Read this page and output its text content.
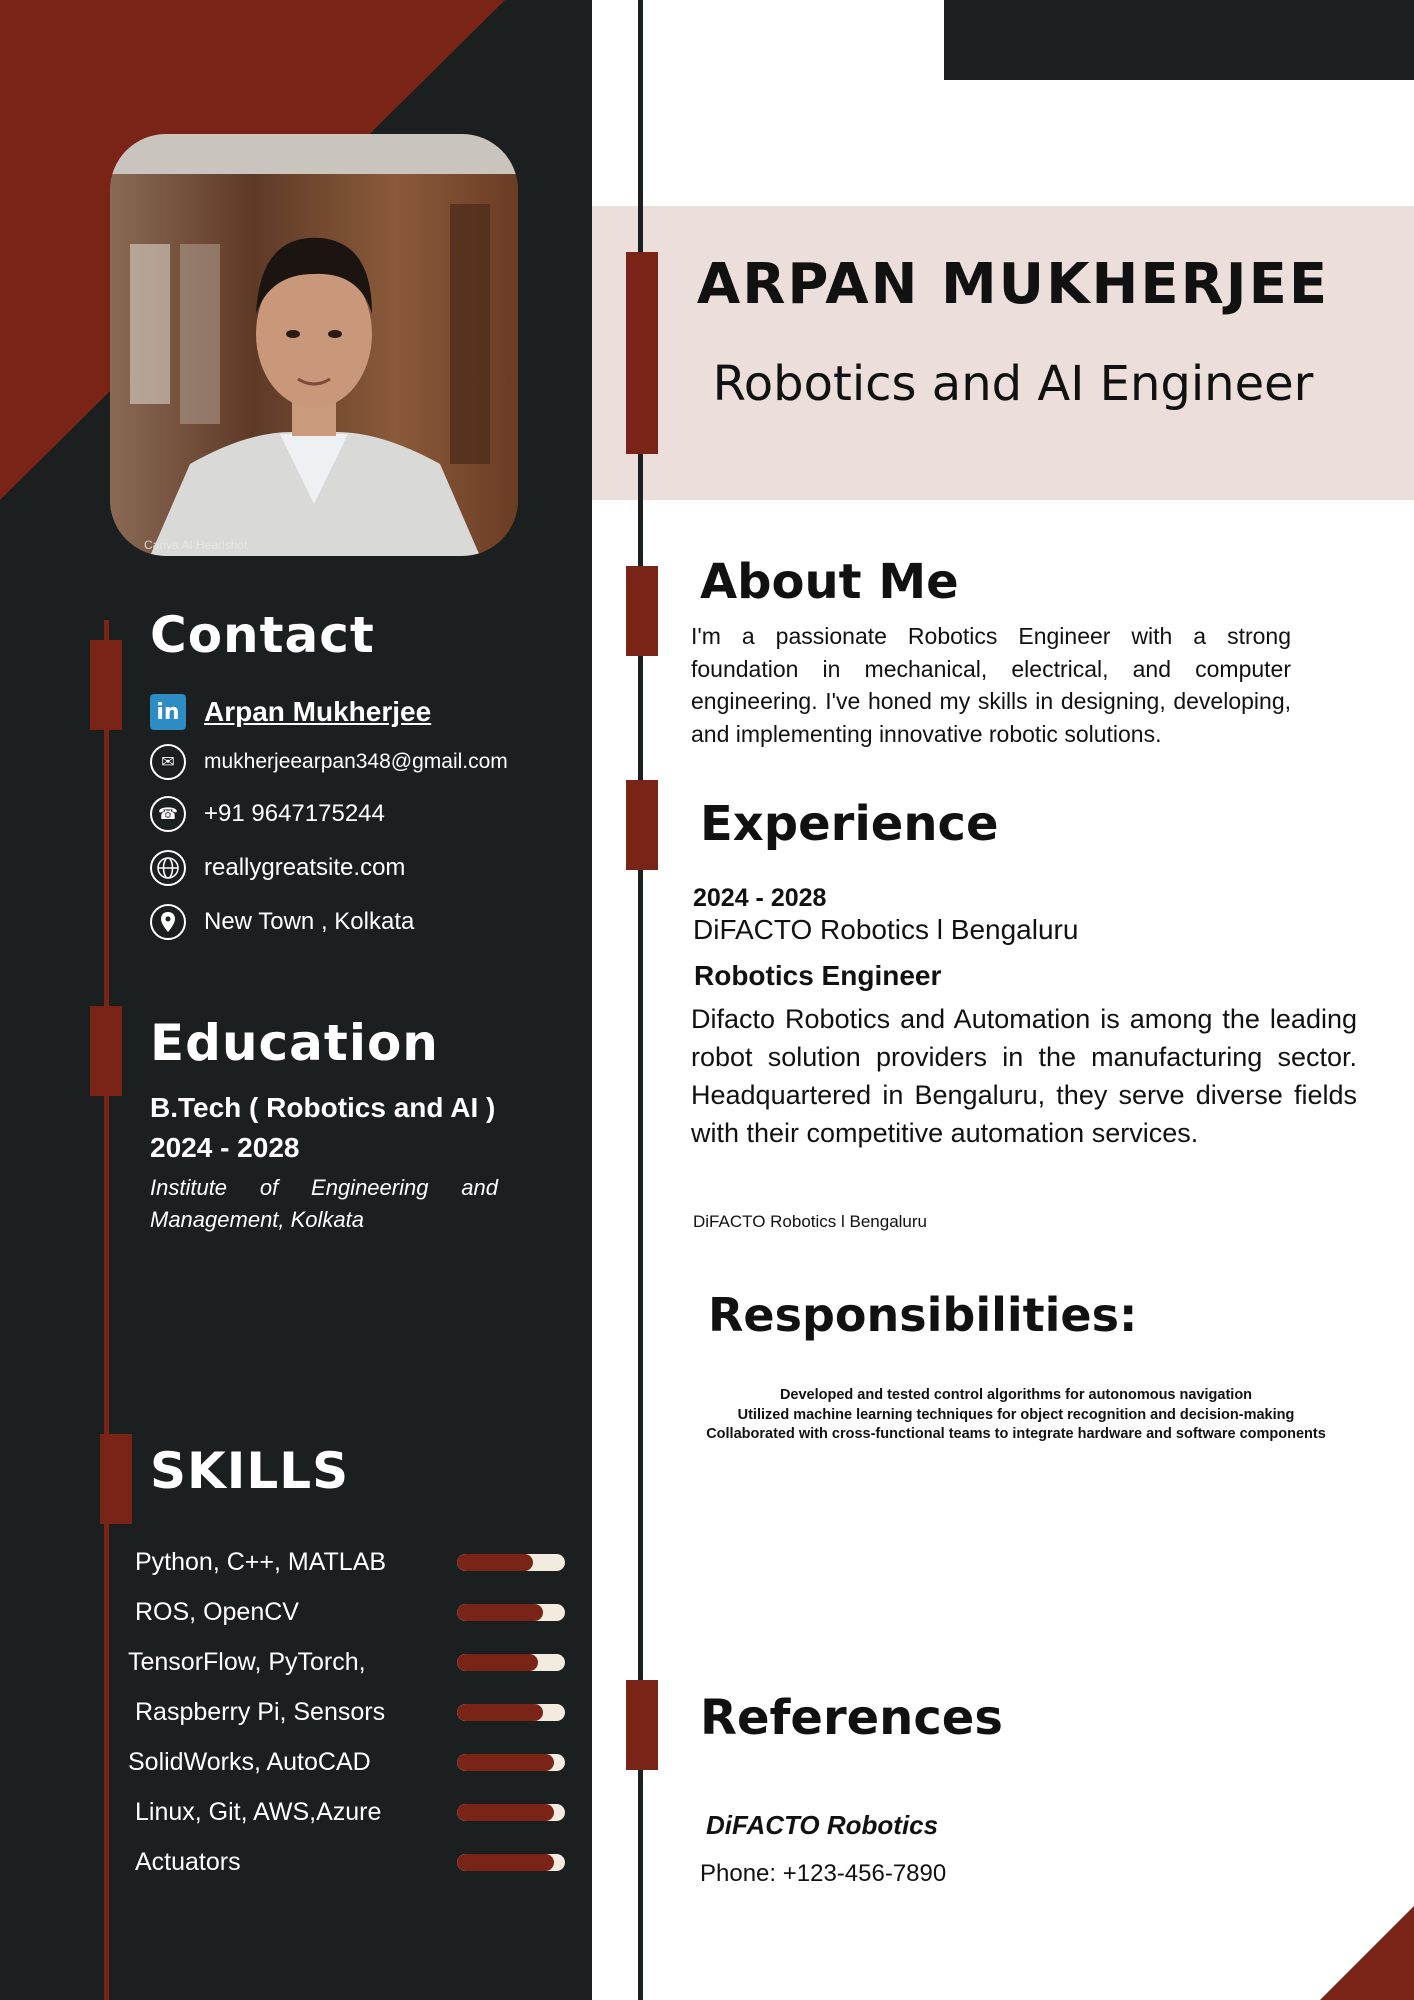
Canva AI Headshot
Contact
in Arpan Mukherjee
✉	mukherjeearpan348@gmail.com
☎	+91 9647175244
reallygreatsite.com
New Town , Kolkata
Education
B.Tech ( Robotics and AI )
2024 - 2028
Institute of Engineering and
Management, Kolkata
SKILLS
Python, C++, MATLAB
ROS, OpenCV
TensorFlow, PyTorch,
Raspberry Pi, Sensors
SolidWorks, AutoCAD
Linux, Git, AWS,Azure
Actuators
ARPAN MUKHERJEE
Robotics and AI Engineer
About Me
I'm a passionate Robotics Engineer with a strong foundation in mechanical, electrical, and computer engineering. I've honed my skills in designing, developing, and implementing innovative robotic solutions.
Experience
2024 - 2028
DiFACTO Robotics l Bengaluru
Robotics Engineer
Difacto Robotics and Automation is among the leading robot solution providers in the manufacturing sector. Headquartered in Bengaluru, they serve diverse fields with their competitive automation services.
DiFACTO Robotics l Bengaluru
Responsibilities:
Developed and tested control algorithms for autonomous navigation
Utilized machine learning techniques for object recognition and decision-making
Collaborated with cross-functional teams to integrate hardware and software components
References
DiFACTO Robotics
Phone: +123-456-7890
